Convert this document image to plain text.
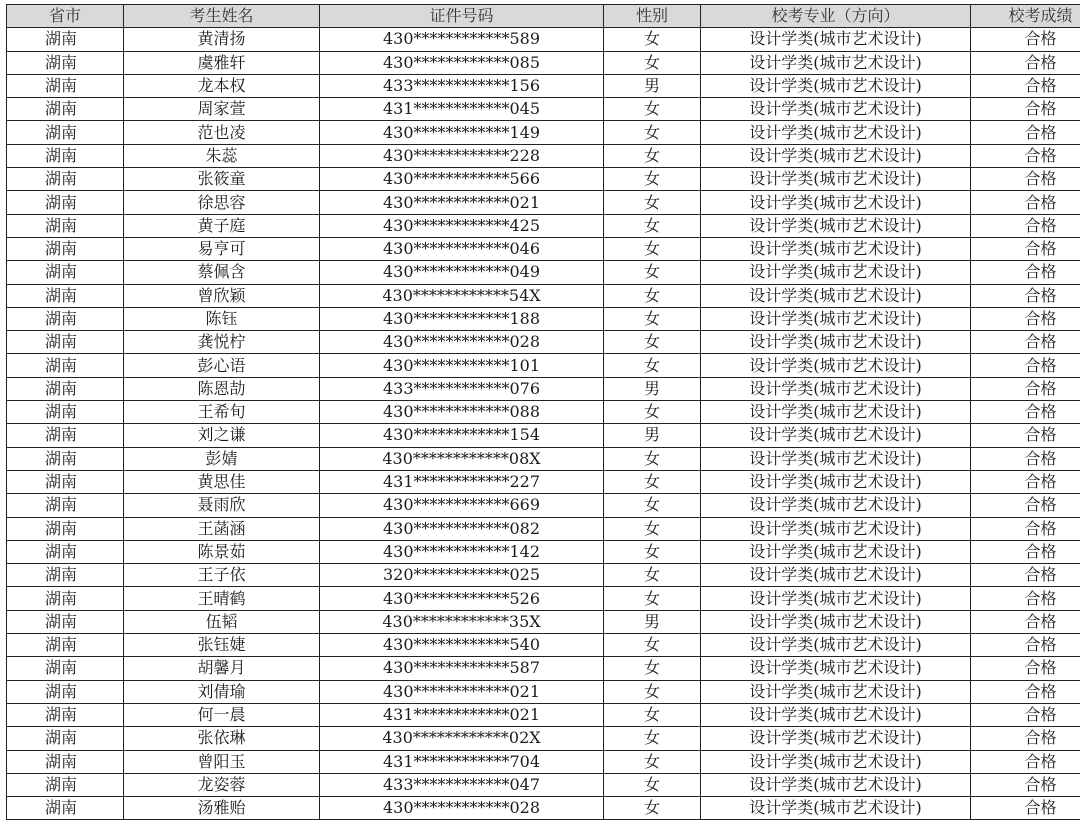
省市	考生姓名	证件号码	性别	校考专业（方向）	校考成绩
湖南	黄清扬	430************589	女	设计学类(城市艺术设计)	合格
湖南	虞雅轩	430************085	女	设计学类(城市艺术设计)	合格
湖南	龙本权	433************156	男	设计学类(城市艺术设计)	合格
湖南	周家萱	431************045	女	设计学类(城市艺术设计)	合格
湖南	范也凌	430************149	女	设计学类(城市艺术设计)	合格
湖南	朱蕊	430************228	女	设计学类(城市艺术设计)	合格
湖南	张筱童	430************566	女	设计学类(城市艺术设计)	合格
湖南	徐思容	430************021	女	设计学类(城市艺术设计)	合格
湖南	黄子庭	430************425	女	设计学类(城市艺术设计)	合格
湖南	易亨可	430************046	女	设计学类(城市艺术设计)	合格
湖南	蔡佩含	430************049	女	设计学类(城市艺术设计)	合格
湖南	曾欣颖	430************54X	女	设计学类(城市艺术设计)	合格
湖南	陈钰	430************188	女	设计学类(城市艺术设计)	合格
湖南	龚悦柠	430************028	女	设计学类(城市艺术设计)	合格
湖南	彭心语	430************101	女	设计学类(城市艺术设计)	合格
湖南	陈恩劼	433************076	男	设计学类(城市艺术设计)	合格
湖南	王希旬	430************088	女	设计学类(城市艺术设计)	合格
湖南	刘之谦	430************154	男	设计学类(城市艺术设计)	合格
湖南	彭婧	430************08X	女	设计学类(城市艺术设计)	合格
湖南	黄思佳	431************227	女	设计学类(城市艺术设计)	合格
湖南	聂雨欣	430************669	女	设计学类(城市艺术设计)	合格
湖南	王菡涵	430************082	女	设计学类(城市艺术设计)	合格
湖南	陈景茹	430************142	女	设计学类(城市艺术设计)	合格
湖南	王子依	320************025	女	设计学类(城市艺术设计)	合格
湖南	王晴鹤	430************526	女	设计学类(城市艺术设计)	合格
湖南	伍韬	430************35X	男	设计学类(城市艺术设计)	合格
湖南	张钰婕	430************540	女	设计学类(城市艺术设计)	合格
湖南	胡馨月	430************587	女	设计学类(城市艺术设计)	合格
湖南	刘倩瑜	430************021	女	设计学类(城市艺术设计)	合格
湖南	何一晨	431************021	女	设计学类(城市艺术设计)	合格
湖南	张依琳	430************02X	女	设计学类(城市艺术设计)	合格
湖南	曾阳玉	431************704	女	设计学类(城市艺术设计)	合格
湖南	龙姿蓉	433************047	女	设计学类(城市艺术设计)	合格
湖南	汤雅贻	430************028	女	设计学类(城市艺术设计)	合格
